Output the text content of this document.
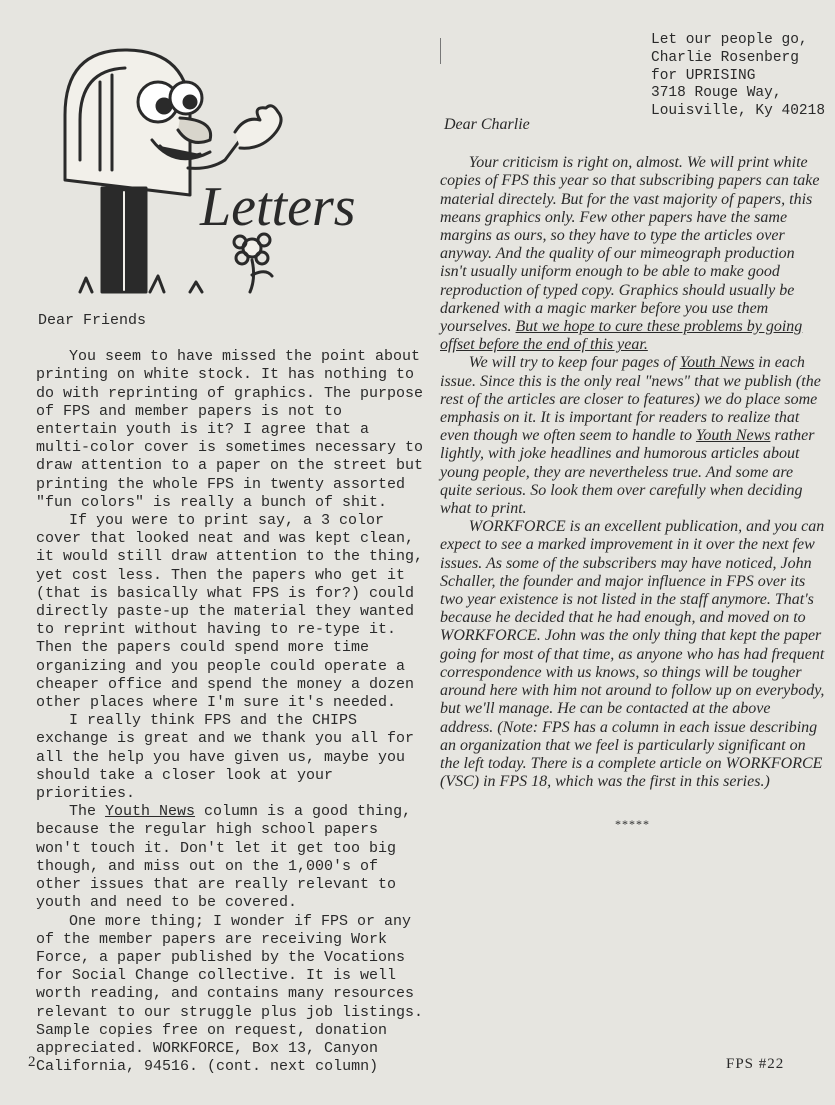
Letters

Dear Friends

You seem to have missed the point about printing on white stock. It has nothing to do with reprinting of graphics. The purpose of FPS and member papers is not to entertain youth is it? I agree that a multi-color cover is sometimes necessary to draw attention to a paper on the street but printing the whole FPS in twenty assorted "fun colors" is really a bunch of shit.

If you were to print say, a 3 color cover that looked neat and was kept clean, it would still draw attention to the thing, yet cost less. Then the papers who get it (that is basically what FPS is for?) could directly paste-up the material they wanted to reprint without having to re-type it. Then the papers could spend more time organizing and you people could operate a cheaper office and spend the money a dozen other places where I'm sure it's needed.

I really think FPS and the CHIPS exchange is great and we thank you all for all the help you have given us, maybe you should take a closer look at your priorities.

The Youth News column is a good thing, because the regular high school papers won't touch it. Don't let it get too big though, and miss out on the 1,000's of other issues that are really relevant to youth and need to be covered.

One more thing; I wonder if FPS or any of the member papers are receiving Work Force, a paper published by the Vocations for Social Change collective. It is well worth reading, and contains many resources relevant to our struggle plus job listings. Sample copies free on request, donation appreciated. WORKFORCE, Box 13, Canyon California, 94516. (cont. next column)

Let our people go,
Charlie Rosenberg
for UPRISING
3718 Rouge Way,
Louisville, Ky 40218

Dear Charlie

Your criticism is right on, almost. We will print white copies of FPS this year so that subscribing papers can take material directely. But for the vast majority of papers, this means graphics only. Few other papers have the same margins as ours, so they have to type the articles over anyway. And the quality of our mimeograph production isn't usually uniform enough to be able to make good reproduction of typed copy. Graphics should usually be darkened with a magic marker before you use them yourselves. But we hope to cure these problems by going offset before the end of this year.

We will try to keep four pages of Youth News in each issue. Since this is the only real "news" that we publish (the rest of the articles are closer to features) we do place some emphasis on it. It is important for readers to realize that even though we often seem to handle to Youth News rather lightly, with joke headlines and humorous articles about young people, they are nevertheless true. And some are quite serious. So look them over carefully when deciding what to print.

WORKFORCE is an excellent publication, and you can expect to see a marked improvement in it over the next few issues. As some of the subscribers may have noticed, John Schaller, the founder and major influence in FPS over its two year existence is not listed in the staff anymore. That's because he decided that he had enough, and moved on to WORKFORCE. John was the only thing that kept the paper going for most of that time, as anyone who has had frequent correspondence with us knows, so things will be tougher around here with him not around to follow up on everybody, but we'll manage. He can be contacted at the above address. (Note: FPS has a column in each issue describing an organization that we feel is particularly significant on the left today. There is a complete article on WORKFORCE (VSC) in FPS 18, which was the first in this series.)

*****
2	FPS #22
